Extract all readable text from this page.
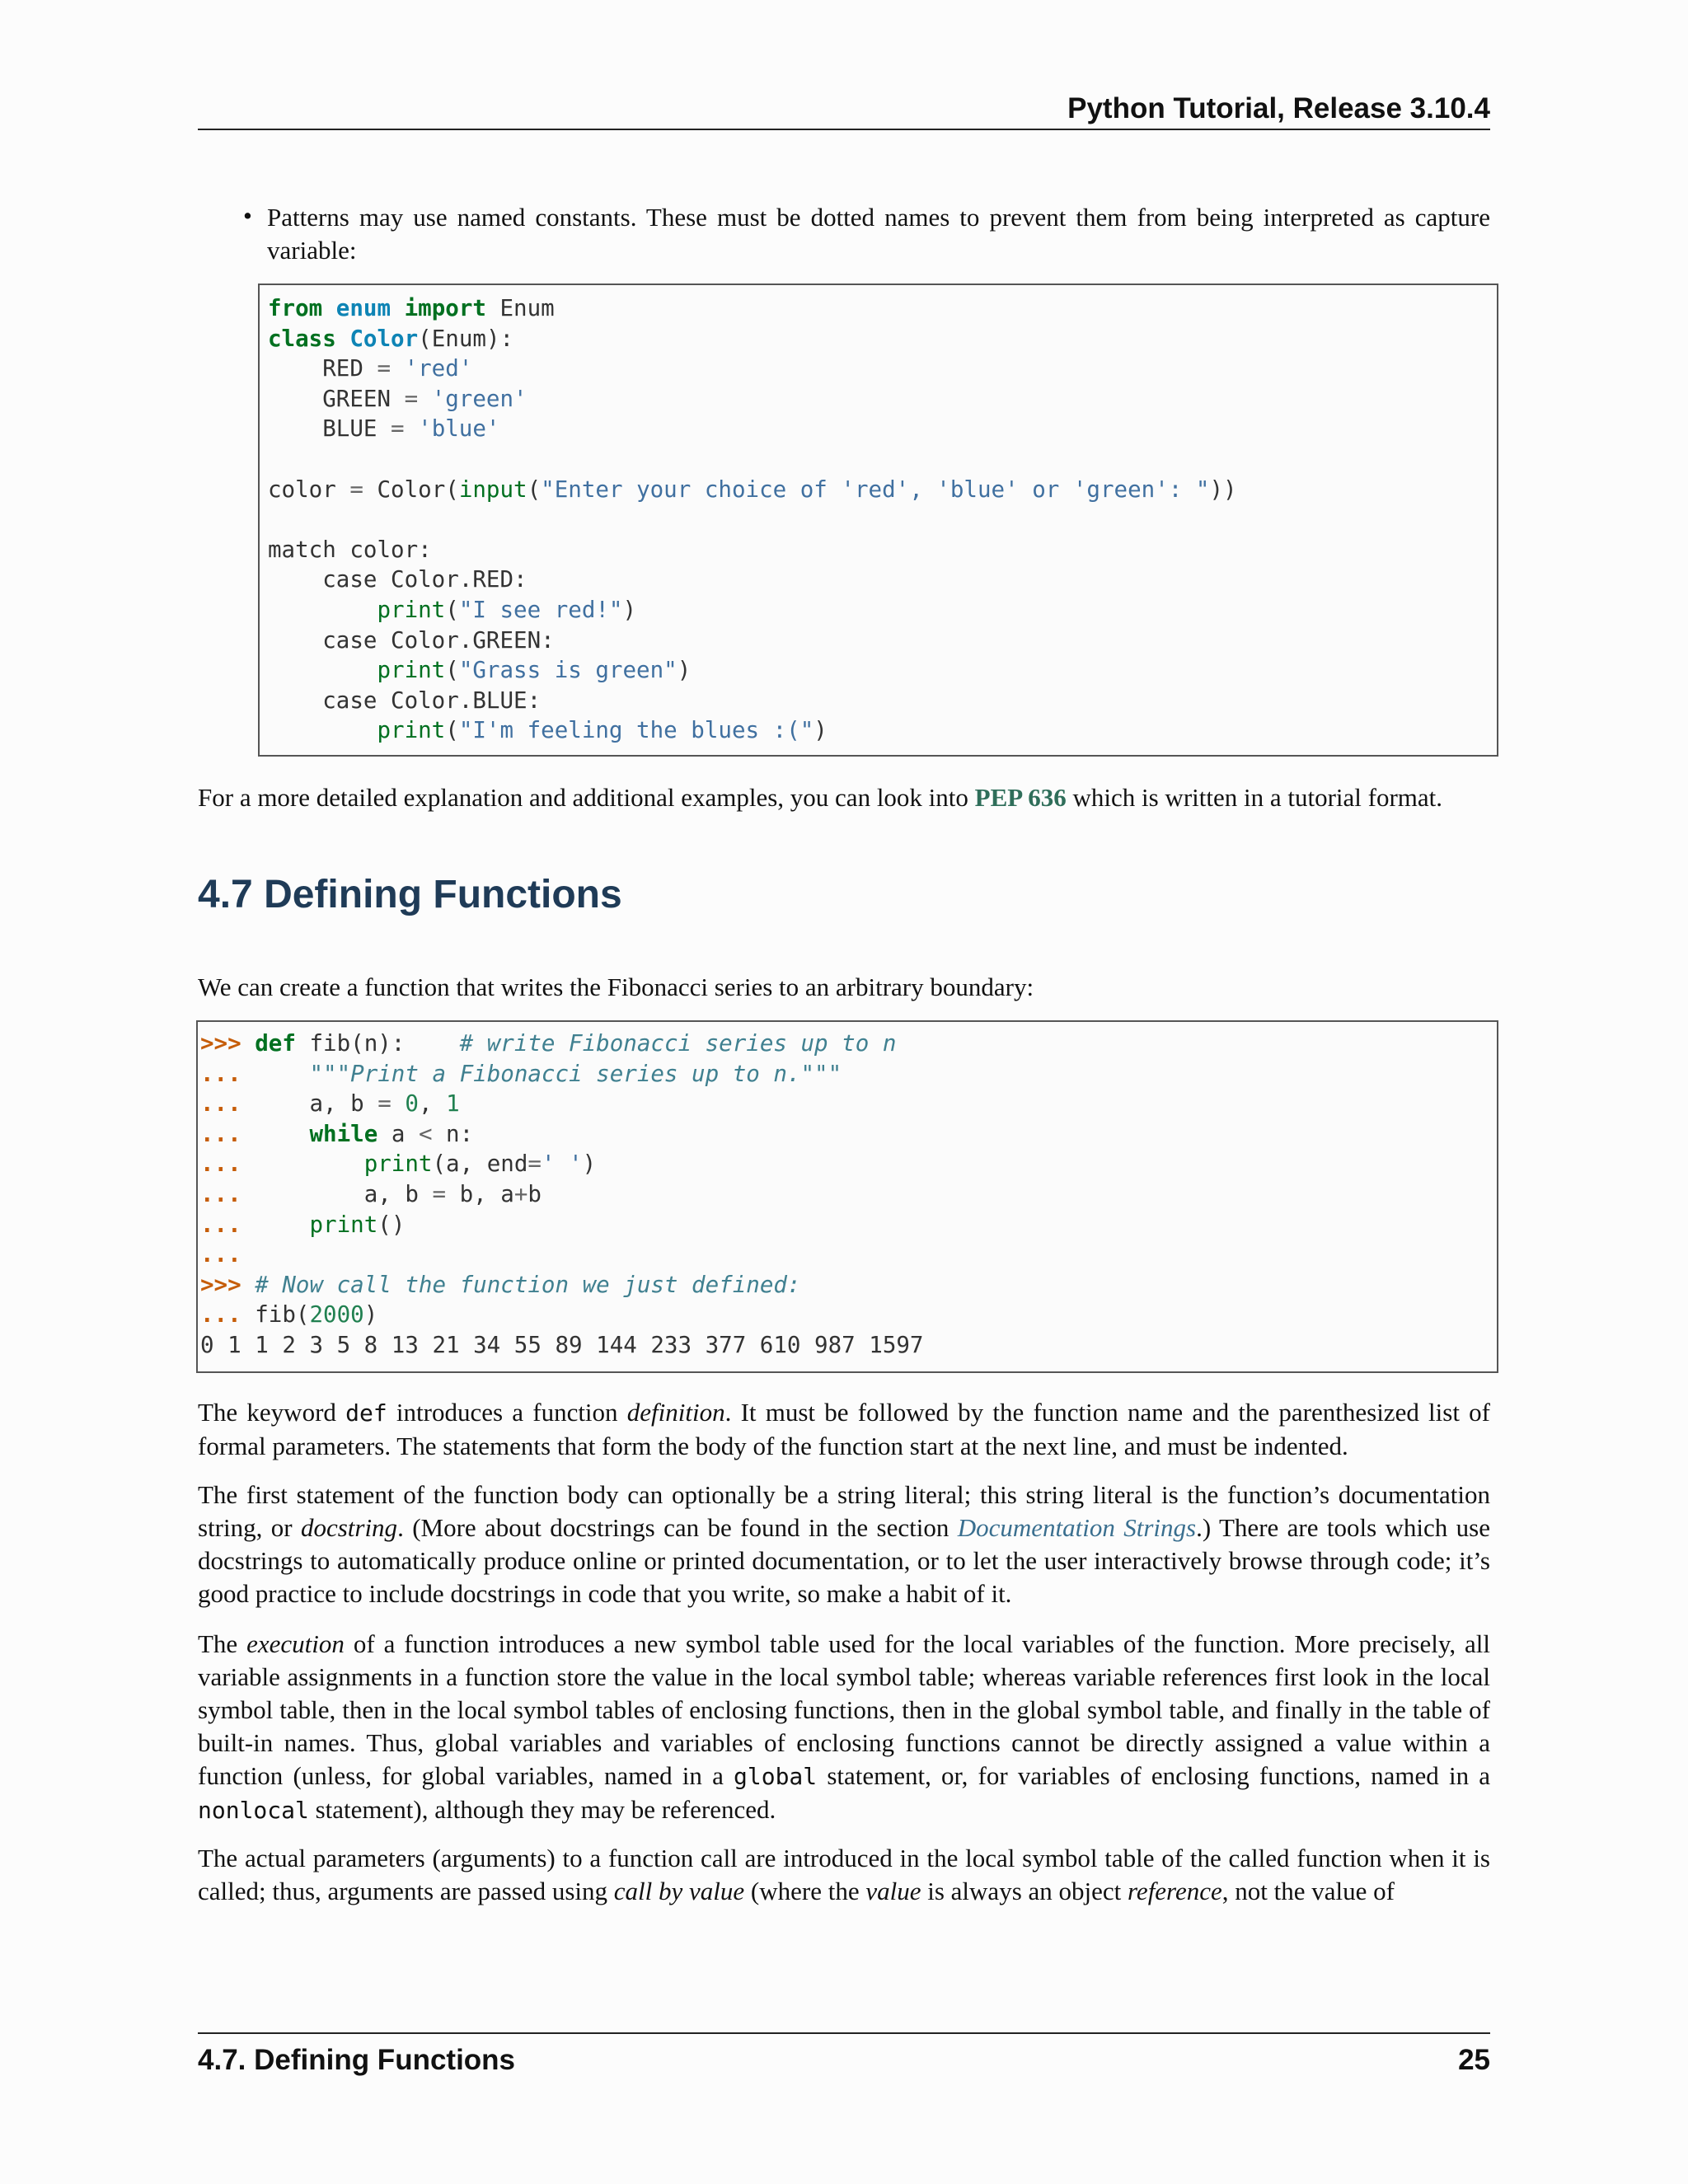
Python Tutorial, Release 3.10.4
• Patterns may use named constants. These must be dotted names to prevent them from being interpreted as capture variable:
from enum import Enum
class Color(Enum):
RED = 'red'
GREEN = 'green'
BLUE = 'blue'

color = Color(input("Enter your choice of 'red', 'blue' or 'green': "))

match color:
case Color.RED:
print("I see red!")
case Color.GREEN:
print("Grass is green")
case Color.BLUE:
print("I'm feeling the blues :(")
For a more detailed explanation and additional examples, you can look into PEP 636 which is written in a tutorial format.
4.7 Defining Functions
We can create a function that writes the Fibonacci series to an arbitrary boundary:
>>> def fib(n):    # write Fibonacci series up to n
...	"""Print a Fibonacci series up to n."""
...	a, b = 0, 1
...	while a < n:
...	print(a, end=' ')
...	a, b = b, a+b
...	print()
...
>>> # Now call the function we just defined:
... fib(2000)
0 1 1 2 3 5 8 13 21 34 55 89 144 233 377 610 987 1597
The keyword def introduces a function definition. It must be followed by the function name and the parenthesized list of formal parameters. The statements that form the body of the function start at the next line, and must be indented.
The first statement of the function body can optionally be a string literal; this string literal is the function’s documentation string, or docstring. (More about docstrings can be found in the section Documentation Strings.) There are tools which use docstrings to automatically produce online or printed documentation, or to let the user interactively browse through code; it’s good practice to include docstrings in code that you write, so make a habit of it.
The execution of a function introduces a new symbol table used for the local variables of the function. More precisely, all variable assignments in a function store the value in the local symbol table; whereas variable references first look in the local symbol table, then in the local symbol tables of enclosing functions, then in the global symbol table, and finally in the table of built-in names. Thus, global variables and variables of enclosing functions cannot be directly assigned a value within a function (unless, for global variables, named in a global statement, or, for variables of enclosing functions, named in a nonlocal statement), although they may be referenced.
The actual parameters (arguments) to a function call are introduced in the local symbol table of the called function when it is called; thus, arguments are passed using call by value (where the value is always an object reference, not the value of
4.7. Defining Functions	25
